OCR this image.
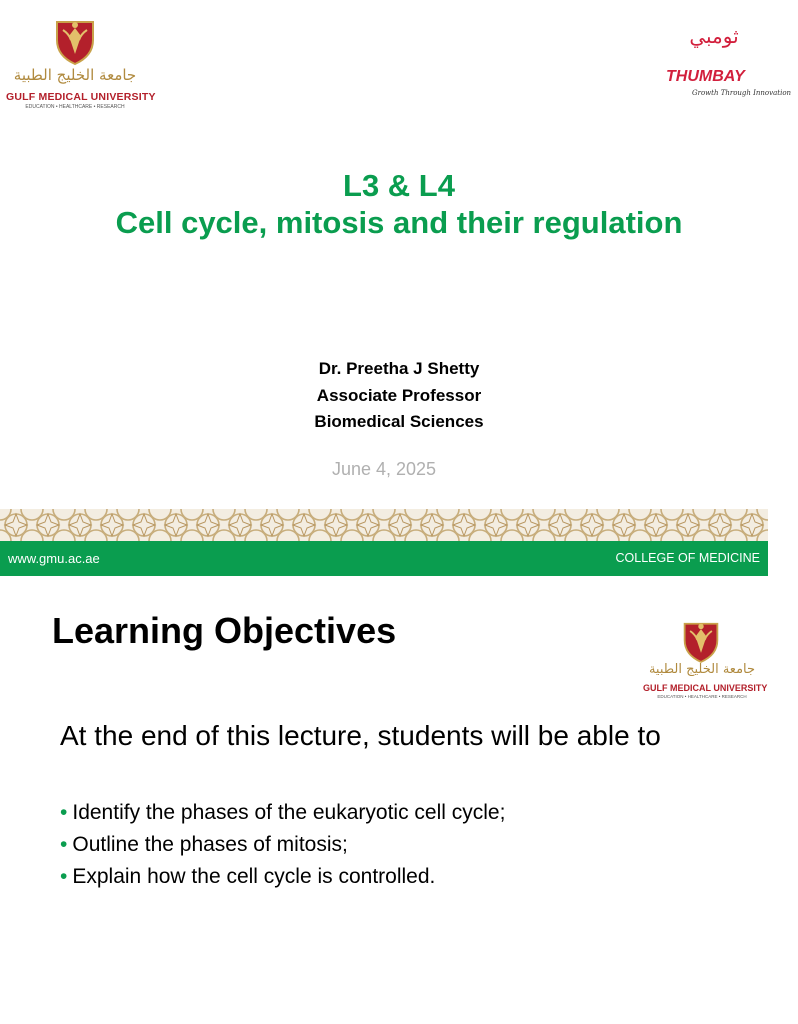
جامعة الخليج الطبية
GULF MEDICAL UNIVERSITY
EDUCATION • HEALTHCARE • RESEARCH
ثومبي
THUMBAY
Growth Through Innovation
L3 & L4
Cell cycle, mitosis and their regulation
Dr. Preetha J Shetty
Associate Professor
Biomedical Sciences
June 4, 2025
www.gmu.ac.ae	COLLEGE OF MEDICINE
Learning Objectives
جامعة الخليج الطبية
GULF MEDICAL UNIVERSITY
EDUCATION • HEALTHCARE • RESEARCH
At the end of this lecture, students will be able to
• Identify the phases of the eukaryotic cell cycle;
• Outline the phases of mitosis;
• Explain how the cell cycle is controlled.
